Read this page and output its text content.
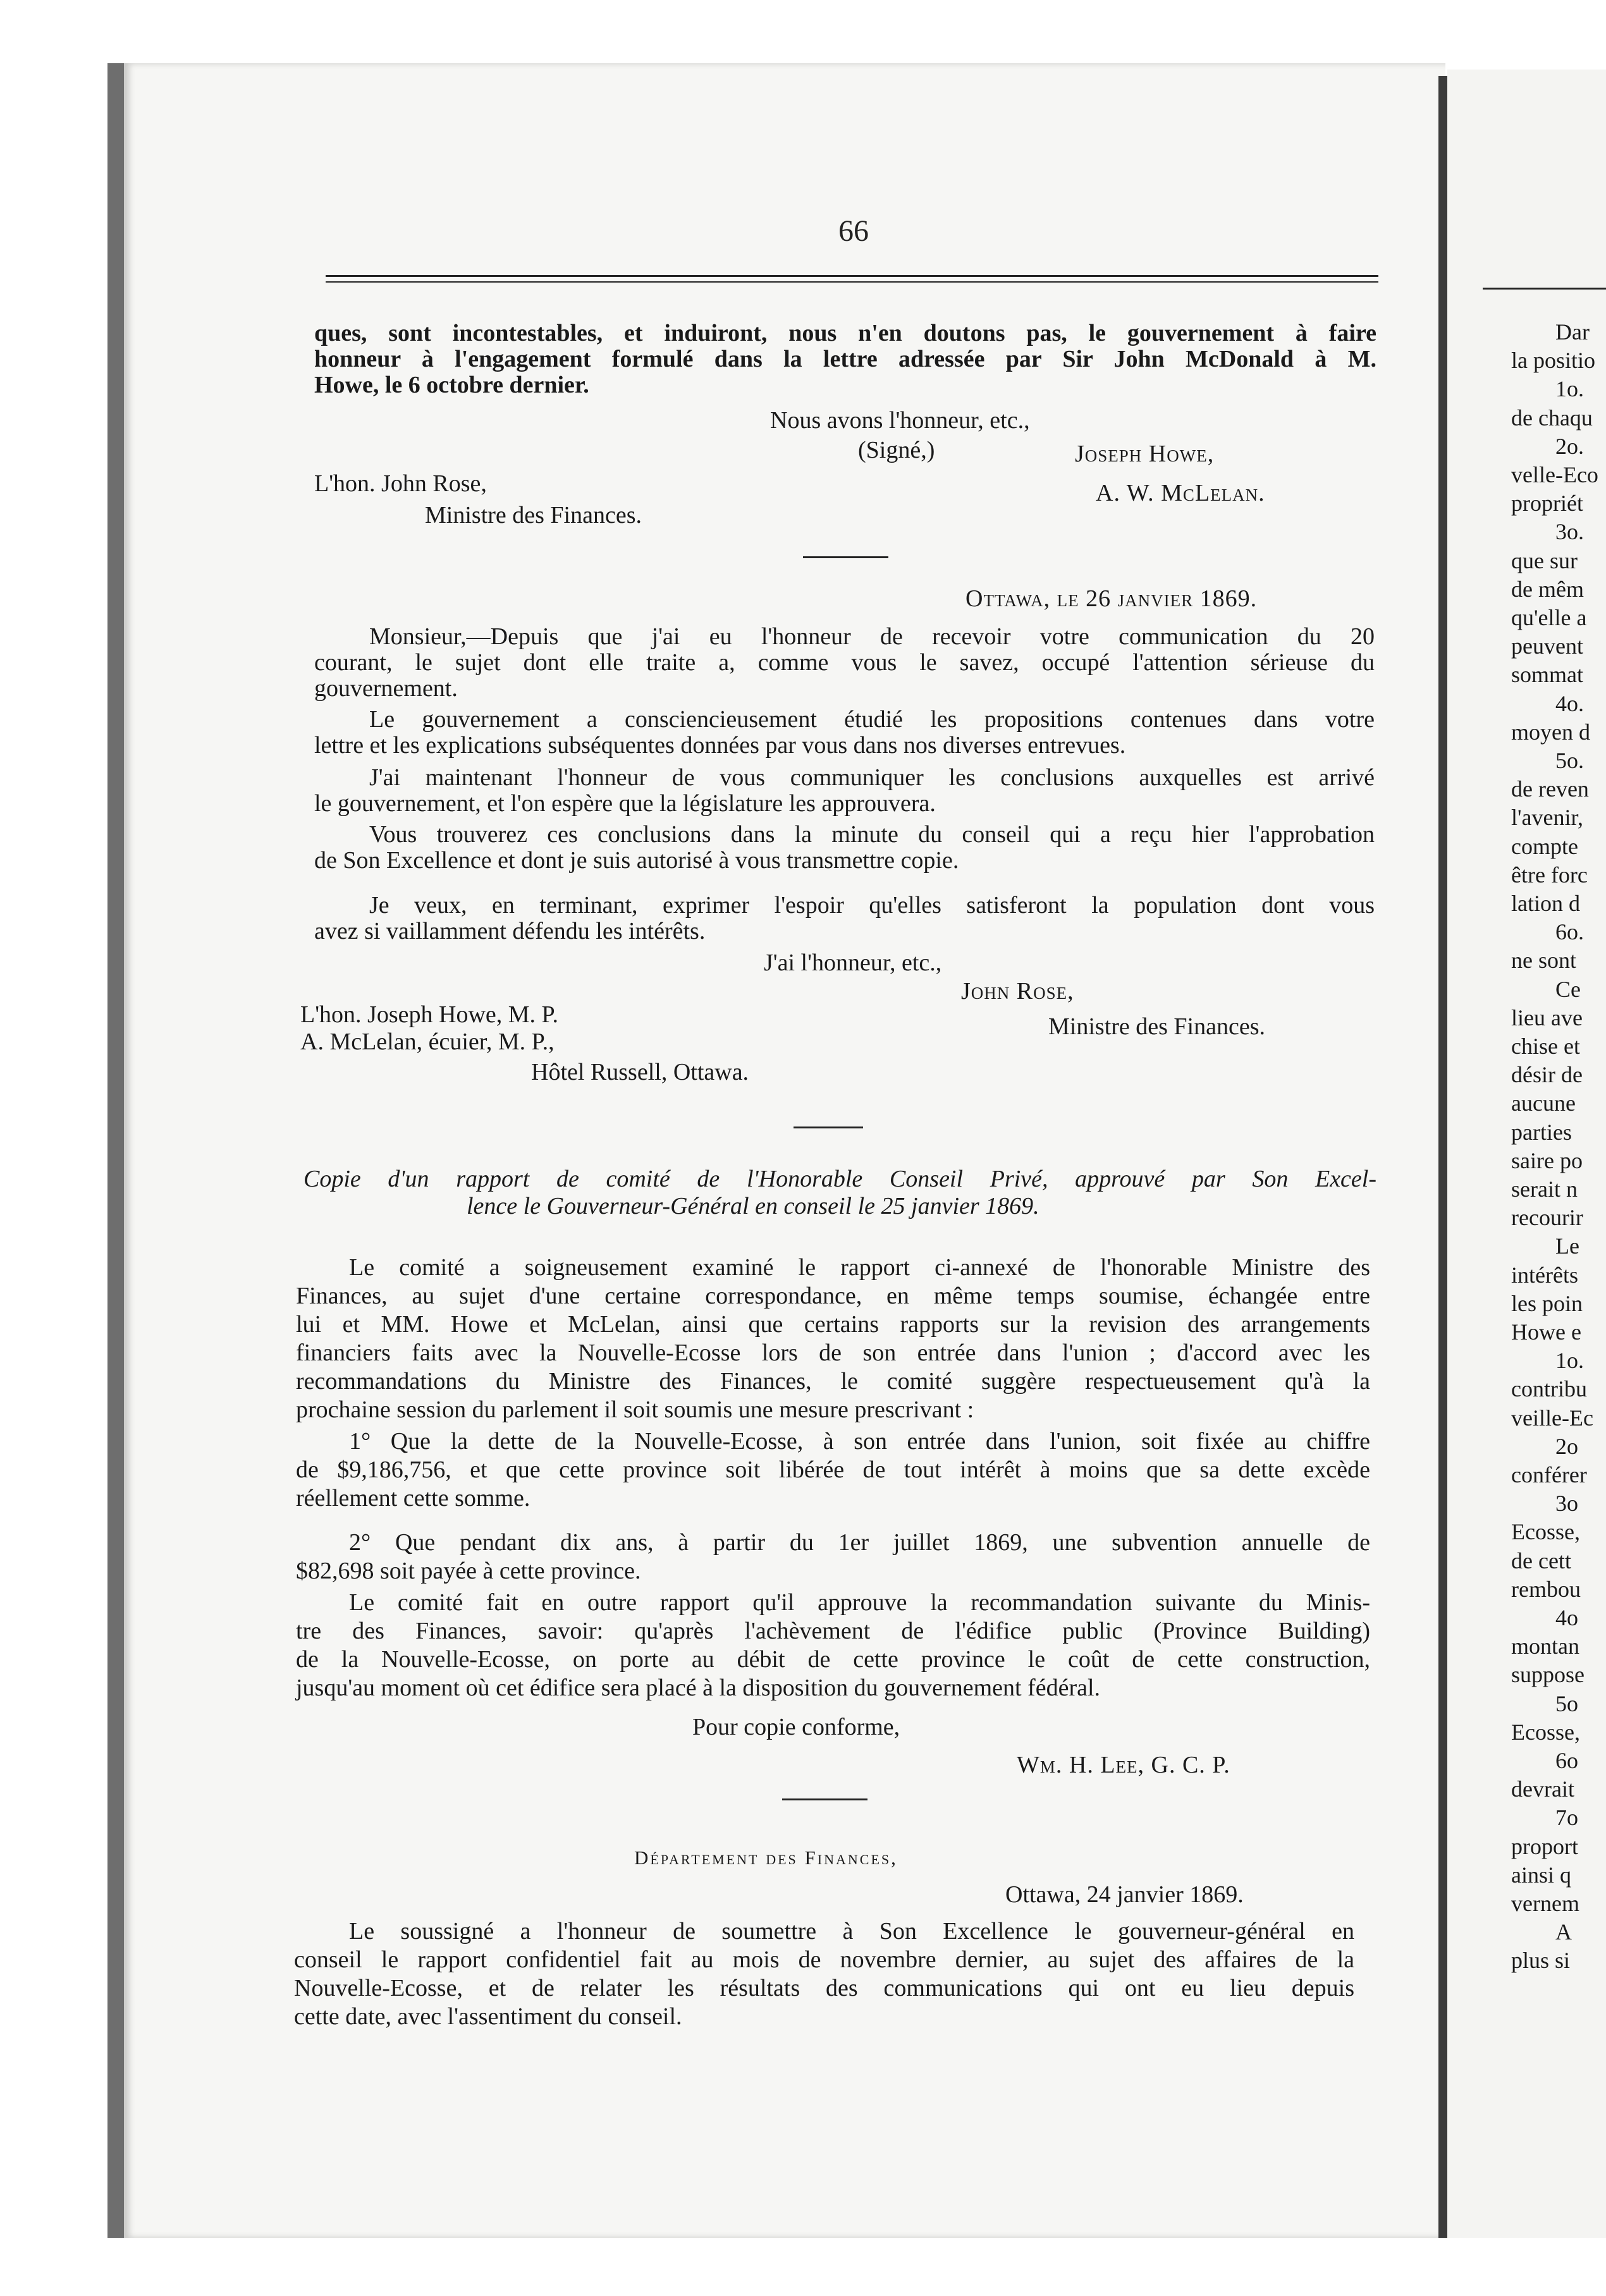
66
ques, sont incontestables, et induiront, nous n'en doutons pas, le gouvernement à faire
honneur à l'engagement formulé dans la lettre adressée par Sir John McDonald à M.
Howe, le 6 octobre dernier.
Nous avons l'honneur, etc.,
(Signé,)	Joseph Howe,
L'hon. John Rose,	A. W. McLelan.
Ministre des Finances.
Ottawa, le 26 janvier 1869.
Monsieur,—Depuis que j'ai eu l'honneur de recevoir votre communication du 20
courant, le sujet dont elle traite a, comme vous le savez, occupé l'attention sérieuse du
gouvernement.
Le gouvernement a consciencieusement étudié les propositions contenues dans votre
lettre et les explications subséquentes données par vous dans nos diverses entrevues.
J'ai maintenant l'honneur de vous communiquer les conclusions auxquelles est arrivé
le gouvernement, et l'on espère que la législature les approuvera.
Vous trouverez ces conclusions dans la minute du conseil qui a reçu hier l'approbation
de Son Excellence et dont je suis autorisé à vous transmettre copie.
Je veux, en terminant, exprimer l'espoir qu'elles satisferont la population dont vous
avez si vaillamment défendu les intérêts.
J'ai l'honneur, etc.,
John Rose,
L'hon. Joseph Howe, M. P.	Ministre des Finances.
A. McLelan, écuier, M. P.,
Hôtel Russell, Ottawa.
Copie d'un rapport de comité de l'Honorable Conseil Privé, approuvé par Son Excel-
lence le Gouverneur-Général en conseil le 25 janvier 1869.
Le comité a soigneusement examiné le rapport ci-annexé de l'honorable Ministre des
Finances, au sujet d'une certaine correspondance, en même temps soumise, échangée entre
lui et MM. Howe et McLelan, ainsi que certains rapports sur la revision des arrangements
financiers faits avec la Nouvelle-Ecosse lors de son entrée dans l'union ; d'accord avec les
recommandations du Ministre des Finances, le comité suggère respectueusement qu'à la
prochaine session du parlement il soit soumis une mesure prescrivant :
1° Que la dette de la Nouvelle-Ecosse, à son entrée dans l'union, soit fixée au chiffre
de $9,186,756, et que cette province soit libérée de tout intérêt à moins que sa dette excède
réellement cette somme.
2° Que pendant dix ans, à partir du 1er juillet 1869, une subvention annuelle de
$82,698 soit payée à cette province.
Le comité fait en outre rapport qu'il approuve la recommandation suivante du Minis-
tre des Finances, savoir: qu'après l'achèvement de l'édifice public (Province Building)
de la Nouvelle-Ecosse, on porte au débit de cette province le coût de cette construction,
jusqu'au moment où cet édifice sera placé à la disposition du gouvernement fédéral.
Pour copie conforme,
Wm. H. Lee, G. C. P.
Département des Finances,
Ottawa, 24 janvier 1869.
Le soussigné a l'honneur de soumettre à Son Excellence le gouverneur-général en
conseil le rapport confidentiel fait au mois de novembre dernier, au sujet des affaires de la
Nouvelle-Ecosse, et de relater les résultats des communications qui ont eu lieu depuis
cette date, avec l'assentiment du conseil.
Dar
la positio
1o.
de chaqu
2o.
velle-Eco
propriét
3o.
que sur
de mêm
qu'elle a
peuvent
sommat
4o.
moyen d
5o.
de reven
l'avenir,
compte
être forc
lation d
6o.
ne sont
Ce
lieu ave
chise et
désir de
aucune
parties
saire po
serait n
recourir
Le
intérêts
les poin
Howe e
1o.
contribu
veille-Ec
2o
conférer
3o
Ecosse,
de cett
rembou
4o
montan
suppose
5o
Ecosse,
6o
devrait
7o
proport
ainsi q
vernem
A
plus si
